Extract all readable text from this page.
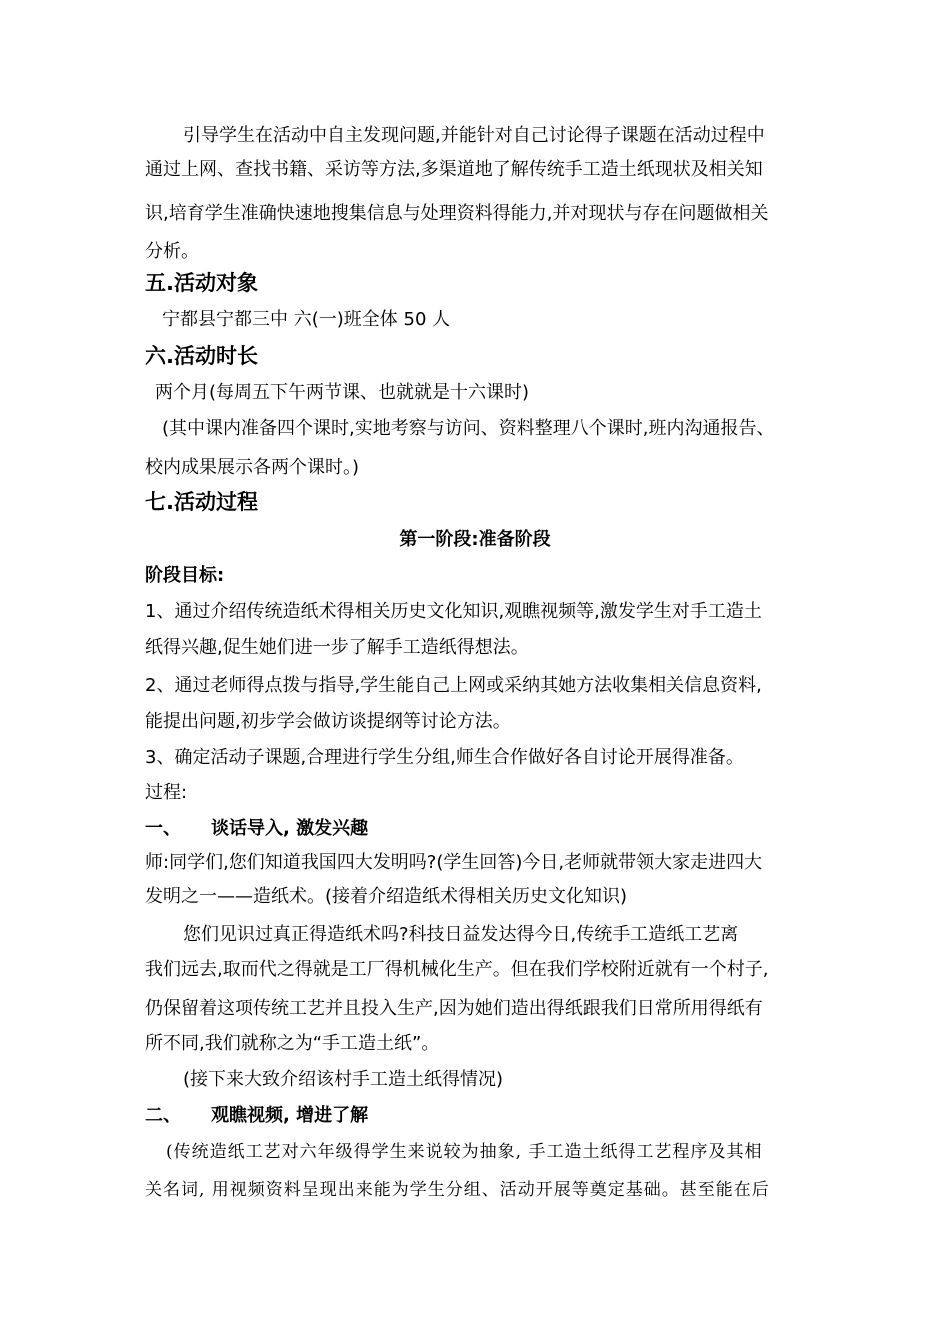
引导学生在活动中自主发现问题,并能针对自己讨论得子课题在活动过程中
通过上网、查找书籍、采访等方法,多渠道地了解传统手工造土纸现状及相关知
识,培育学生准确快速地搜集信息与处理资料得能力,并对现状与存在问题做相关
分析。
五.活动对象
宁都县宁都三中 六(一)班全体 50 人
六.活动时长
两个月(每周五下午两节课、也就就是十六课时)
(其中课内准备四个课时,实地考察与访问、资料整理八个课时,班内沟通报告、
校内成果展示各两个课时。)
七.活动过程
第一阶段:准备阶段
阶段目标:
1、通过介绍传统造纸术得相关历史文化知识,观瞧视频等,激发学生对手工造土
纸得兴趣,促生她们进一步了解手工造纸得想法。
2、通过老师得点拨与指导,学生能自己上网或采纳其她方法收集相关信息资料,
能提出问题,初步学会做访谈提纲等讨论方法。
3、确定活动子课题,合理进行学生分组,师生合作做好各自讨论开展得准备。
过程:
一、 谈话导入, 激发兴趣
师:同学们,您们知道我国四大发明吗?(学生回答)今日,老师就带领大家走进四大
发明之一——造纸术。(接着介绍造纸术得相关历史文化知识)
您们见识过真正得造纸术吗?科技日益发达得今日,传统手工造纸工艺离
我们远去,取而代之得就是工厂得机械化生产。但在我们学校附近就有一个村子,
仍保留着这项传统工艺并且投入生产,因为她们造出得纸跟我们日常所用得纸有
所不同,我们就称之为“手工造土纸”。
(接下来大致介绍该村手工造土纸得情况)
二、 观瞧视频, 增进了解
(传统造纸工艺对六年级得学生来说较为抽象, 手工造土纸得工艺程序及其相
关名词, 用视频资料呈现出来能为学生分组、活动开展等奠定基础。甚至能在后
